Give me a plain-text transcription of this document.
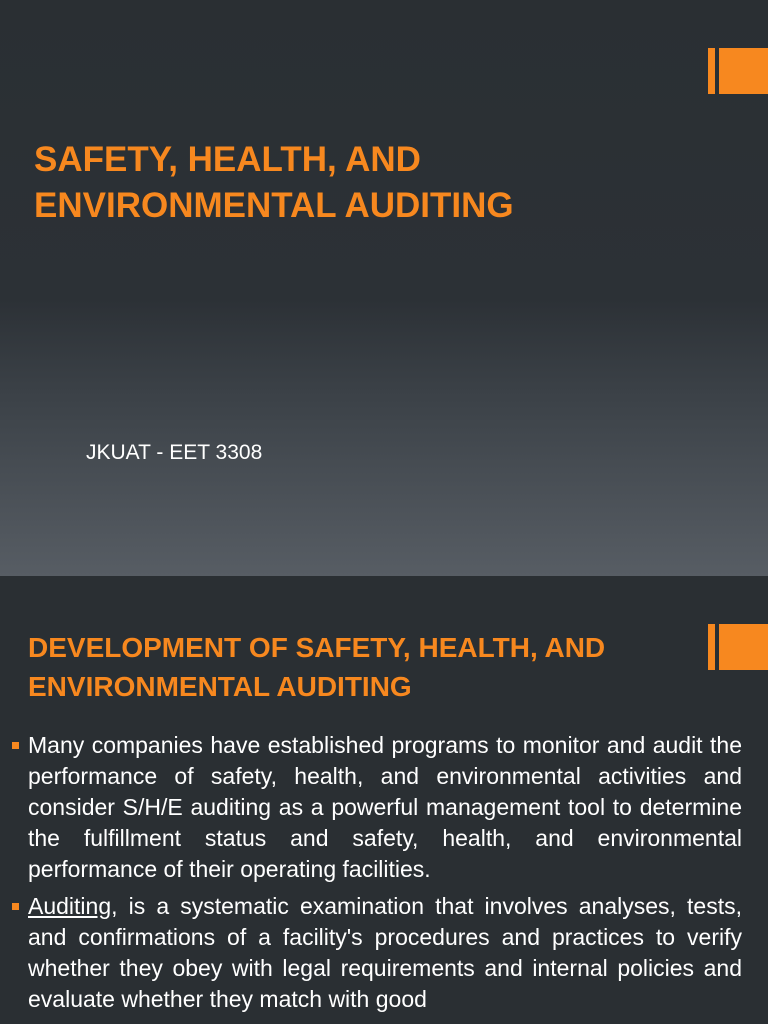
SAFETY, HEALTH, AND
ENVIRONMENTAL AUDITING

JKUAT - EET 3308

DEVELOPMENT OF SAFETY, HEALTH, AND
ENVIRONMENTAL AUDITING
Many companies have established programs to monitor and audit the performance of safety, health, and environmental activities and consider S/H/E auditing as a powerful management tool to determine the fulfillment status and safety, health, and environmental performance of their operating facilities.
Auditing, is a systematic examination that involves analyses, tests, and confirmations of a facility's procedures and practices to verify whether they obey with legal requirements and internal policies and evaluate whether they match with good
